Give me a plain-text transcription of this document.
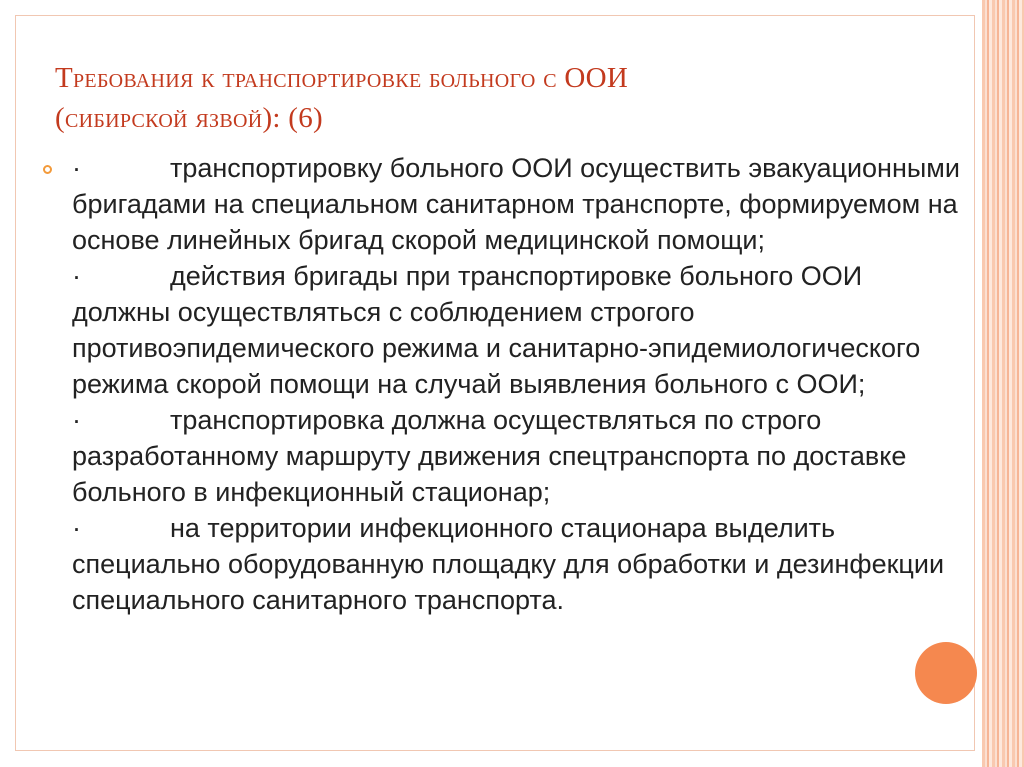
Требования к транспортировке больного с ООИ
(сибирской язвой): (6)
·	транспортировку больного ООИ осуществить эвакуационными бригадами на специальном санитарном транспорте, формируемом на основе линейных бригад скорой медицинской помощи;
·	действия бригады при транспортировке больного ООИ должны осуществляться с соблюдением строгого противоэпидемического режима и санитарно-эпидемиологического режима скорой помощи на случай выявления больного с ООИ;
·	транспортировка должна осуществляться по строго разработанному маршруту движения спецтранспорта по доставке больного в инфекционный стационар;
·	на территории инфекционного стационара выделить специально оборудованную площадку для обработки и дезинфекции специального санитарного транспорта.
